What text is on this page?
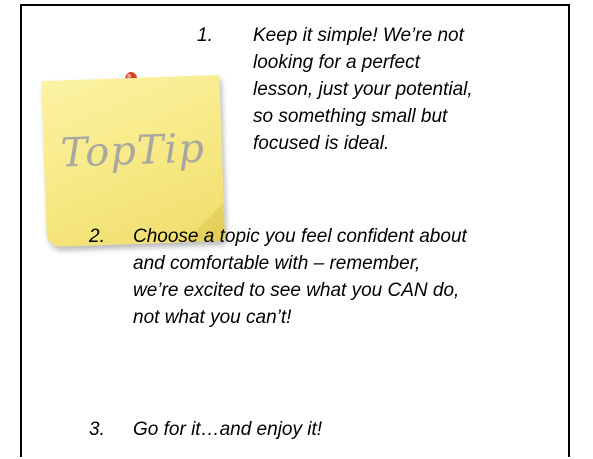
TopTip
1. Keep it simple! We’re not
looking for a perfect
lesson, just your potential,
so something small but
focused is ideal.
2. Choose a topic you feel confident about
and comfortable with – remember,
we’re excited to see what you CAN do,
not what you can’t!
3. Go for it…and enjoy it!
